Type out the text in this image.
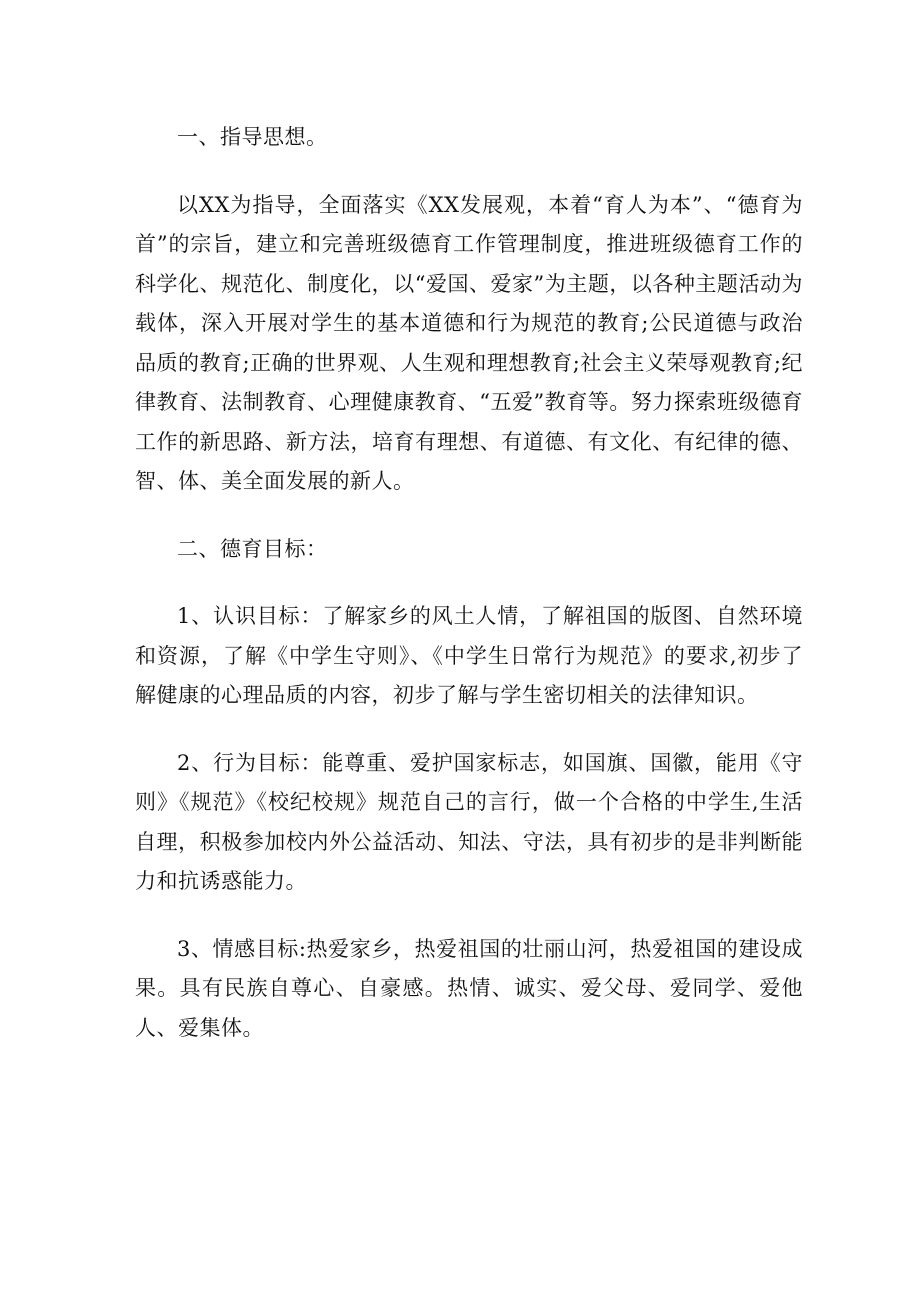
一、指导思想。

以XX为指导，全面落实《XX发展观，本着“育人为本”、“德育为首”的宗旨，建立和完善班级德育工作管理制度，推进班级德育工作的科学化、规范化、制度化，以“爱国、爱家”为主题，以各种主题活动为载体，深入开展对学生的基本道德和行为规范的教育;公民道德与政治品质的教育;正确的世界观、人生观和理想教育;社会主义荣辱观教育;纪律教育、法制教育、心理健康教育、“五爱”教育等。努力探索班级德育工作的新思路、新方法，培育有理想、有道德、有文化、有纪律的德、智、体、美全面发展的新人。

二、德育目标：

1、认识目标：了解家乡的风土人情，了解祖国的版图、自然环境和资源，了解《中学生守则》、《中学生日常行为规范》的要求,初步了解健康的心理品质的内容，初步了解与学生密切相关的法律知识。

2、行为目标：能尊重、爱护国家标志，如国旗、国徽，能用《守则》《规范》《校纪校规》规范自己的言行，做一个合格的中学生,生活自理，积极参加校内外公益活动、知法、守法，具有初步的是非判断能力和抗诱惑能力。

3、情感目标:热爱家乡，热爱祖国的壮丽山河，热爱祖国的建设成果。具有民族自尊心、自豪感。热情、诚实、爱父母、爱同学、爱他人、爱集体。
